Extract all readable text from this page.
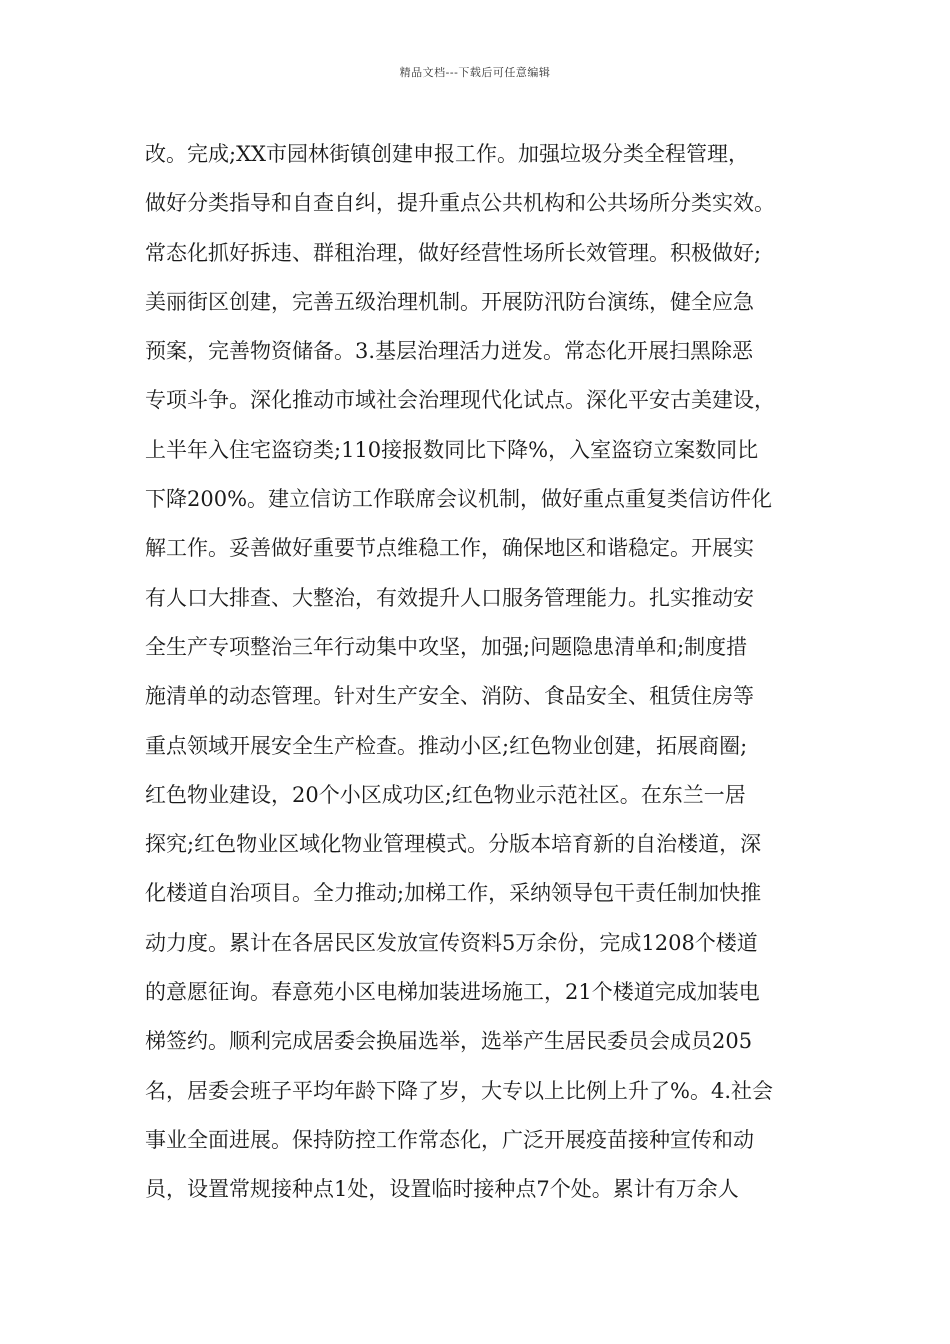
精品文档---下载后可任意编辑
改。完成;XX市园林街镇创建申报工作。加强垃圾分类全程管理，
做好分类指导和自查自纠，提升重点公共机构和公共场所分类实效。
常态化抓好拆违、群租治理，做好经营性场所长效管理。积极做好;
美丽街区创建，完善五级治理机制。开展防汛防台演练，健全应急
预案，完善物资储备。3.基层治理活力迸发。常态化开展扫黑除恶
专项斗争。深化推动市域社会治理现代化试点。深化平安古美建设，
上半年入住宅盗窃类;110接报数同比下降%，入室盗窃立案数同比
下降200%。建立信访工作联席会议机制，做好重点重复类信访件化
解工作。妥善做好重要节点维稳工作，确保地区和谐稳定。开展实
有人口大排查、大整治，有效提升人口服务管理能力。扎实推动安
全生产专项整治三年行动集中攻坚，加强;问题隐患清单和;制度措
施清单的动态管理。针对生产安全、消防、食品安全、租赁住房等
重点领域开展安全生产检查。推动小区;红色物业创建，拓展商圈;
红色物业建设，20个小区成功区;红色物业示范社区。在东兰一居
探究;红色物业区域化物业管理模式。分版本培育新的自治楼道，深
化楼道自治项目。全力推动;加梯工作，采纳领导包干责任制加快推
动力度。累计在各居民区发放宣传资料5万余份，完成1208个楼道
的意愿征询。春意苑小区电梯加装进场施工，21个楼道完成加装电
梯签约。顺利完成居委会换届选举，选举产生居民委员会成员205
名，居委会班子平均年龄下降了岁，大专以上比例上升了%。4.社会
事业全面进展。保持防控工作常态化，广泛开展疫苗接种宣传和动
员，设置常规接种点1处，设置临时接种点7个处。累计有万余人
